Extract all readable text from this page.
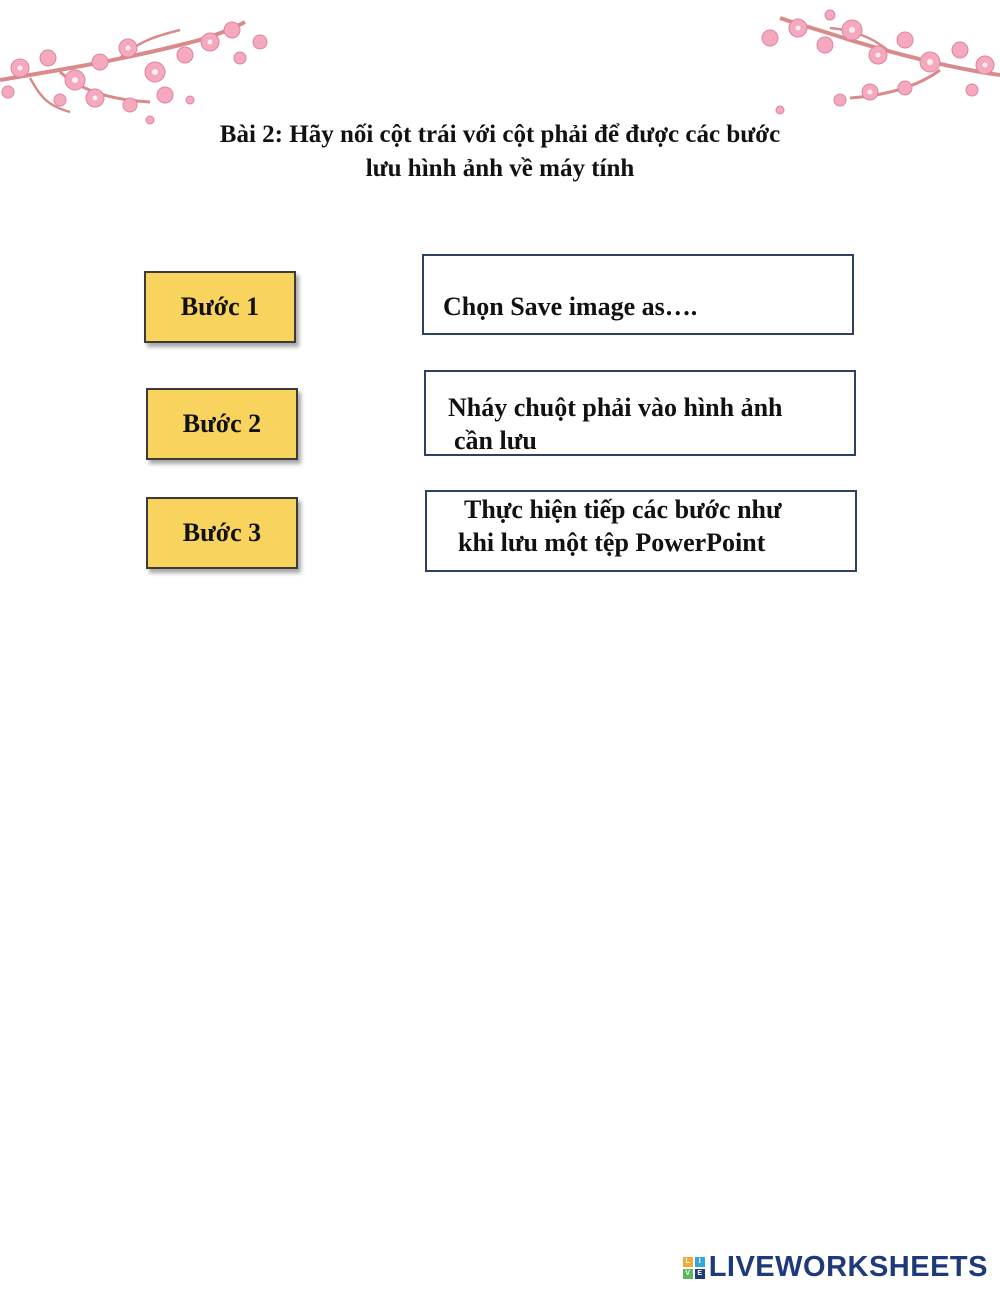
Bài 2: Hãy nối cột trái với cột phải để được các bước
lưu hình ảnh về máy tính
Bước 1
Bước 2
Bước 3
Chọn Save image as….
Nháy chuột phải vào hình ảnh
cần lưu
Thực hiện tiếp các bước như
khi lưu một tệp PowerPoint
L	I
V	E LIVEWORKSHEETS
